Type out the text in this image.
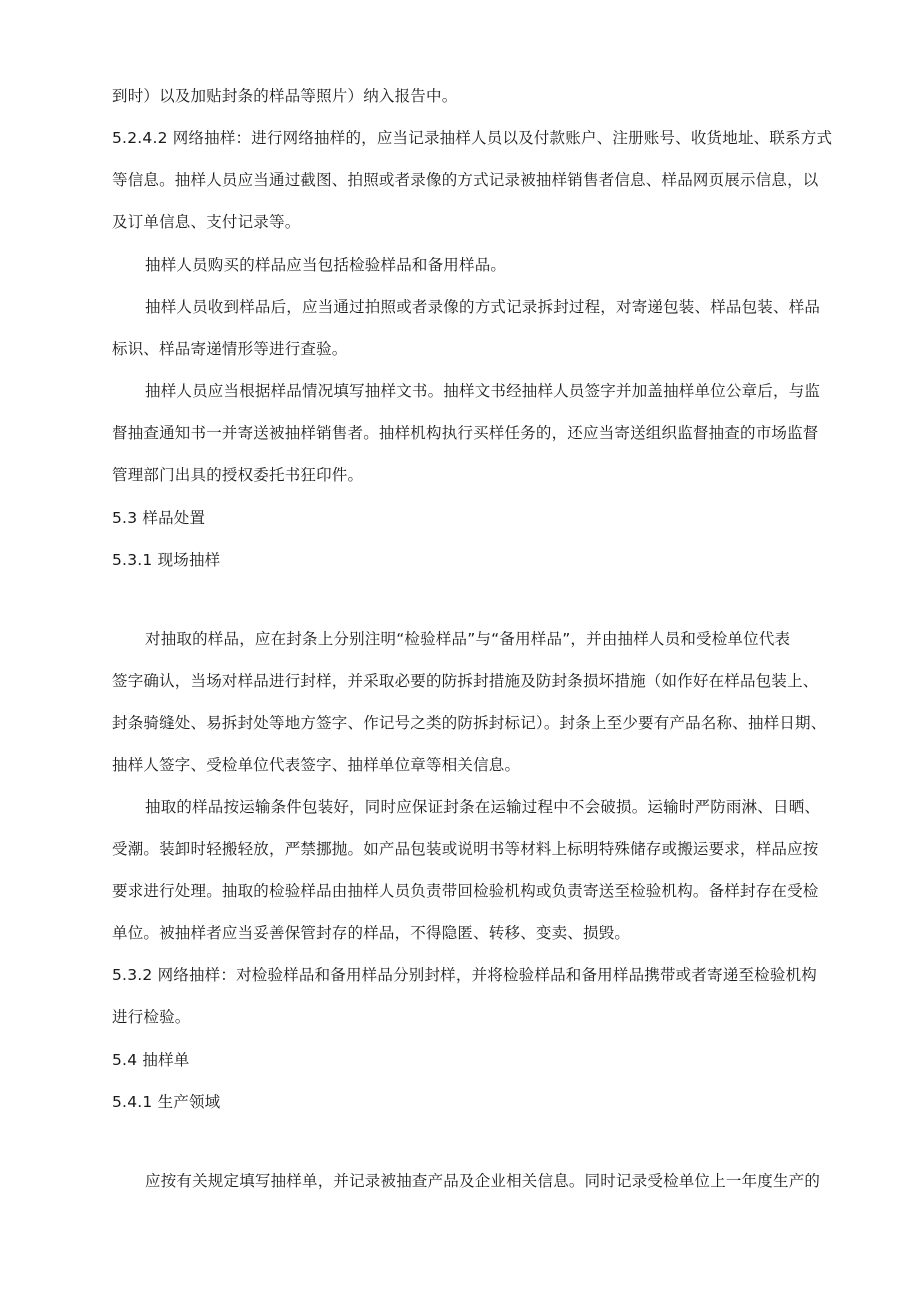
到时）以及加贴封条的样品等照片）纳入报告中。
5.2.4.2 网络抽样：进行网络抽样的，应当记录抽样人员以及付款账户、注册账号、收货地址、联系方式
等信息。抽样人员应当通过截图、拍照或者录像的方式记录被抽样销售者信息、样品网页展示信息，以
及订单信息、支付记录等。
抽样人员购买的样品应当包括检验样品和备用样品。
抽样人员收到样品后，应当通过拍照或者录像的方式记录拆封过程，对寄递包装、样品包装、样品
标识、样品寄递情形等进行查验。
抽样人员应当根据样品情况填写抽样文书。抽样文书经抽样人员签字并加盖抽样单位公章后，与监
督抽查通知书一并寄送被抽样销售者。抽样机构执行买样任务的，还应当寄送组织监督抽查的市场监督
管理部门出具的授权委托书狂印件。
5.3 样品处置
5.3.1 现场抽样
对抽取的样品，应在封条上分别注明“检验样品”与“备用样品”，并由抽样人员和受检单位代表
签字确认，当场对样品进行封样，并采取必要的防拆封措施及防封条损坏措施（如作好在样品包装上、
封条骑缝处、易拆封处等地方签字、作记号之类的防拆封标记）。封条上至少要有产品名称、抽样日期、
抽样人签字、受检单位代表签字、抽样单位章等相关信息。
抽取的样品按运输条件包装好，同时应保证封条在运输过程中不会破损。运输时严防雨淋、日晒、
受潮。装卸时轻搬轻放，严禁挪抛。如产品包装或说明书等材料上标明特殊储存或搬运要求，样品应按
要求进行处理。抽取的检验样品由抽样人员负责带回检验机构或负责寄送至检验机构。备样封存在受检
单位。被抽样者应当妥善保管封存的样品，不得隐匿、转移、变卖、损毁。
5.3.2 网络抽样：对检验样品和备用样品分别封样，并将检验样品和备用样品携带或者寄递至检验机构
进行检验。
5.4 抽样单
5.4.1 生产领域
应按有关规定填写抽样单，并记录被抽查产品及企业相关信息。同时记录受检单位上一年度生产的
